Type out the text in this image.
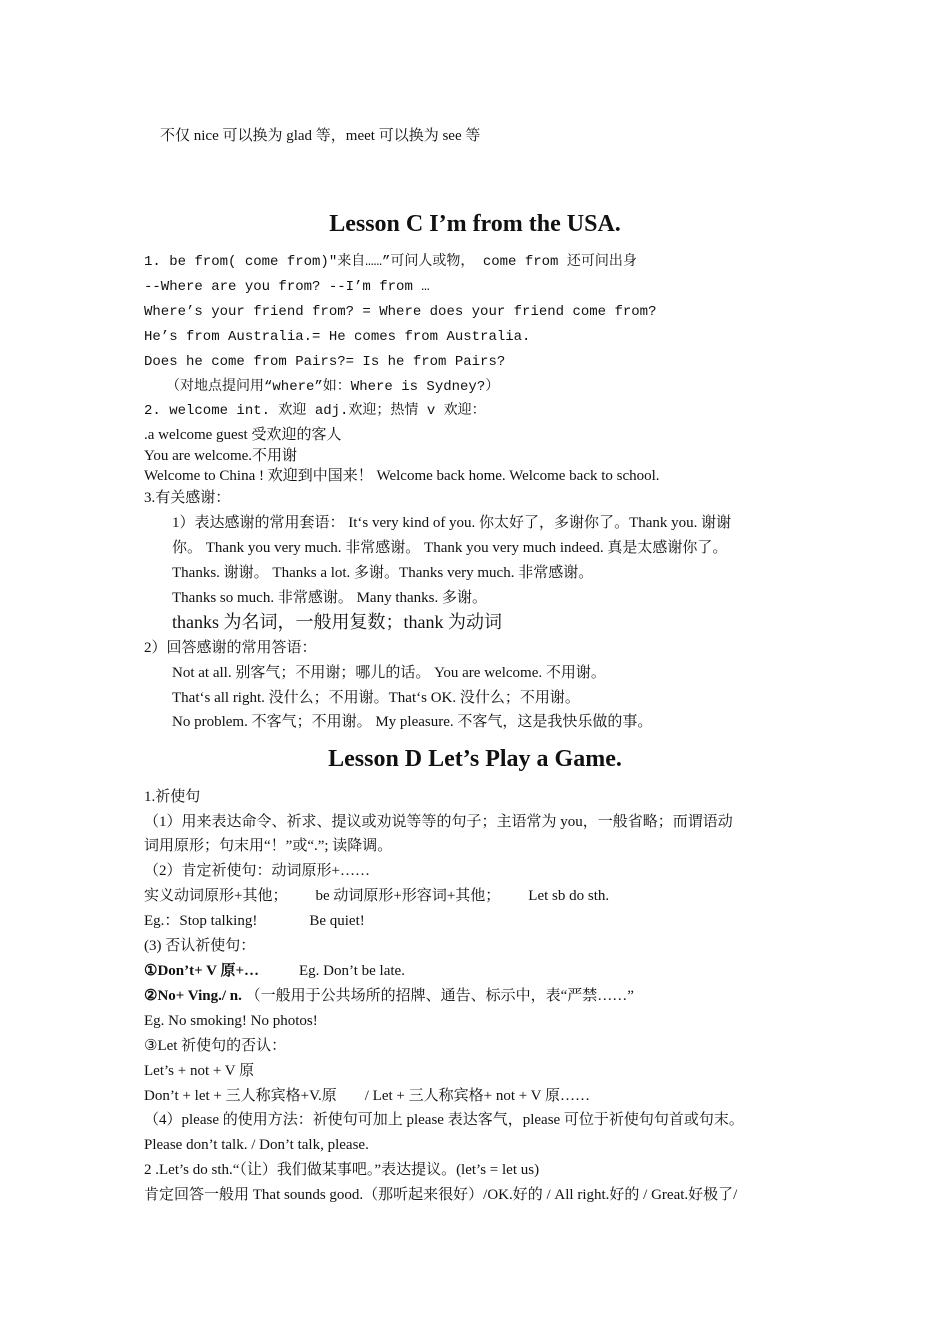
不仅 nice 可以换为 glad 等，meet 可以换为 see 等
Lesson C I’m from the USA.
1. be from( come from)"来自……”可问人或物， come from 还可问出身
--Where are you from? --I’m from …
Where’s your friend from? = Where does your friend come from?
He’s from Australia.= He comes from Australia.
Does he come from Pairs?= Is he from Pairs?
（对地点提问用“where”如：Where is Sydney?）
2. welcome int. 欢迎 adj.欢迎；热情 v 欢迎：
.a welcome guest 受欢迎的客人
You are welcome.不用谢
Welcome to China ! 欢迎到中国来！ Welcome back home. Welcome back to school.
3.有关感谢：
1）表达感谢的常用套语： It‘s very kind of you. 你太好了，多谢你了。Thank you. 谢谢
你。 Thank you very much. 非常感谢。 Thank you very much indeed. 真是太感谢你了。
Thanks. 谢谢。 Thanks a lot. 多谢。Thanks very much. 非常感谢。
Thanks so much. 非常感谢。 Many thanks. 多谢。
thanks 为名词，一般用复数；thank 为动词
2）回答感谢的常用答语：
Not at all. 别客气；不用谢；哪儿的话。 You are welcome. 不用谢。
That‘s all right. 没什么；不用谢。That‘s OK. 没什么；不用谢。
No problem. 不客气；不用谢。 My pleasure. 不客气，这是我快乐做的事。
Lesson D Let’s Play a Game.
1.祈使句
（1）用来表达命令、祈求、提议或劝说等等的句子；主语常为 you，一般省略；而谓语动
词用原形；句末用“！”或“.”; 读降调。
（2）肯定祈使句：动词原形+……
实义动词原形+其他； be 动词原形+形容词+其他； Let sb do sth.
Eg.：Stop talking!	Be quiet!
(3) 否认祈使句：
①Don’t+ V 原+…	Eg. Don’t be late.
②No+ Ving./ n. （一般用于公共场所的招牌、通告、标示中，表“严禁……”
Eg. No smoking! No photos!
③Let 祈使句的否认：
Let’s + not + V 原
Don’t + let + 三人称宾格+V.原 / Let + 三人称宾格+ not + V 原……
（4）please 的使用方法：祈使句可加上 please 表达客气，please 可位于祈使句句首或句末。
Please don’t talk. / Don’t talk, please.
2 .Let’s do sth.“（让）我们做某事吧。”表达提议。(let’s = let us)
肯定回答一般用 That sounds good.（那听起来很好）/OK.好的 / All right.好的 / Great.好极了/
